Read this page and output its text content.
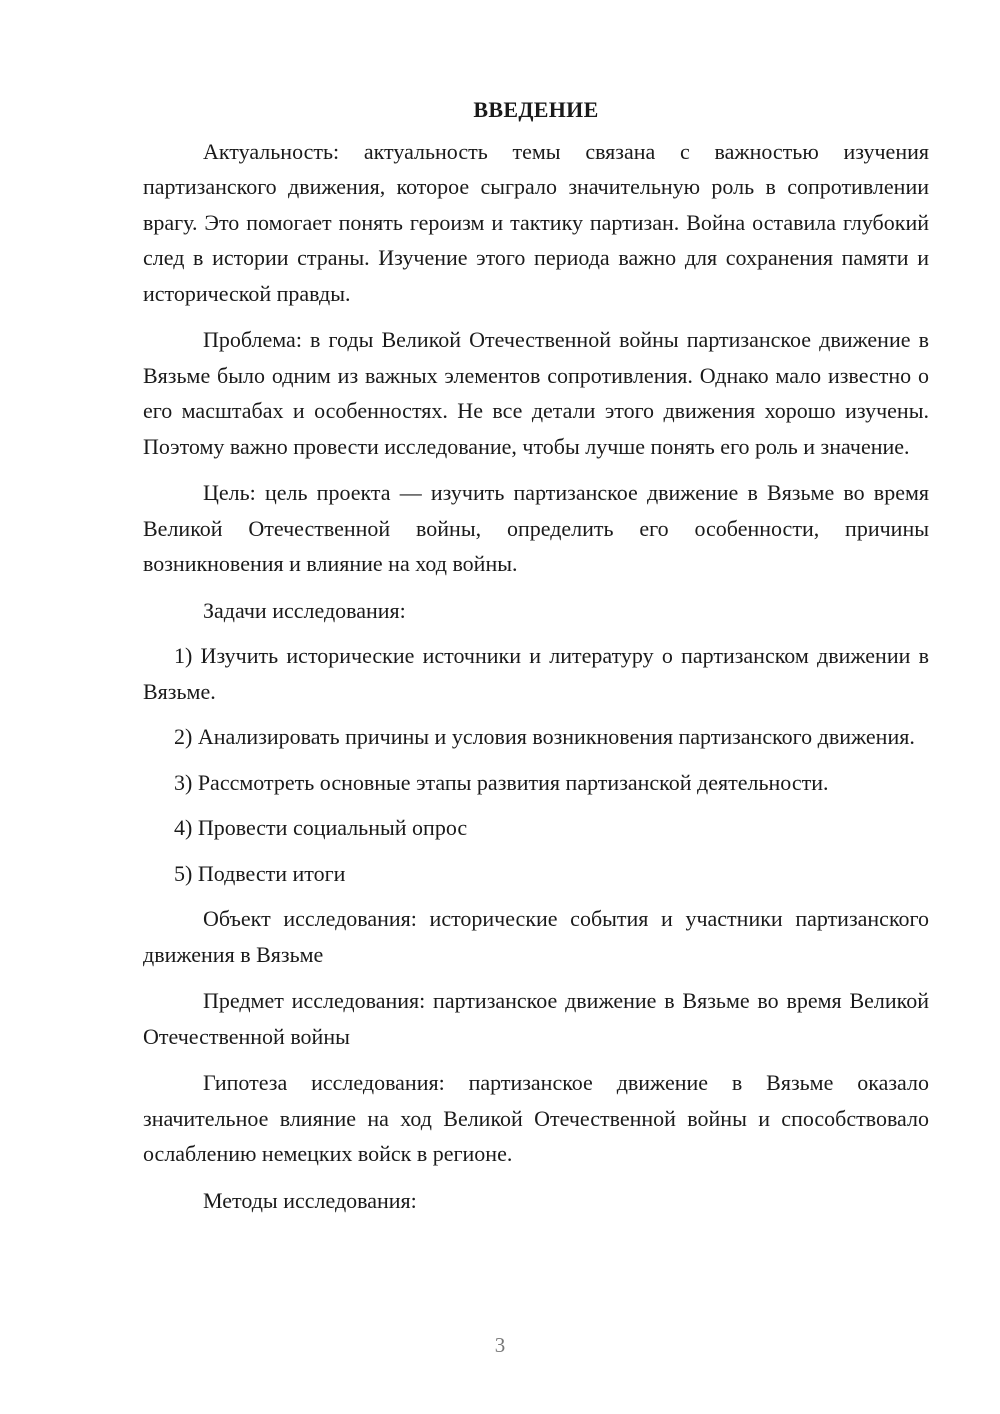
ВВЕДЕНИЕ

Актуальность: актуальность темы связана с важностью изучения партизанского движения, которое сыграло значительную роль в сопротивлении врагу. Это помогает понять героизм и тактику партизан. Война оставила глубокий след в истории страны. Изучение этого периода важно для сохранения памяти и исторической правды.

Проблема: в годы Великой Отечественной войны партизанское движение в Вязьме было одним из важных элементов сопротивления. Однако мало известно о его масштабах и особенностях. Не все детали этого движения хорошо изучены. Поэтому важно провести исследование, чтобы лучше понять его роль и значение.

Цель: цель проекта — изучить партизанское движение в Вязьме во время Великой Отечественной войны, определить его особенности, причины возникновения и влияние на ход войны.

Задачи исследования:

1) Изучить исторические источники и литературу о партизанском движении в Вязьме.

2) Анализировать причины и условия возникновения партизанского движения.

3) Рассмотреть основные этапы развития партизанской деятельности.

4) Провести социальный опрос

5) Подвести итоги

Объект исследования: исторические события и участники партизанского движения в Вязьме

Предмет исследования: партизанское движение в Вязьме во время Великой Отечественной войны

Гипотеза исследования: партизанское движение в Вязьме оказало значительное влияние на ход Великой Отечественной войны и способствовало ослаблению немецких войск в регионе.

Методы исследования:

3
